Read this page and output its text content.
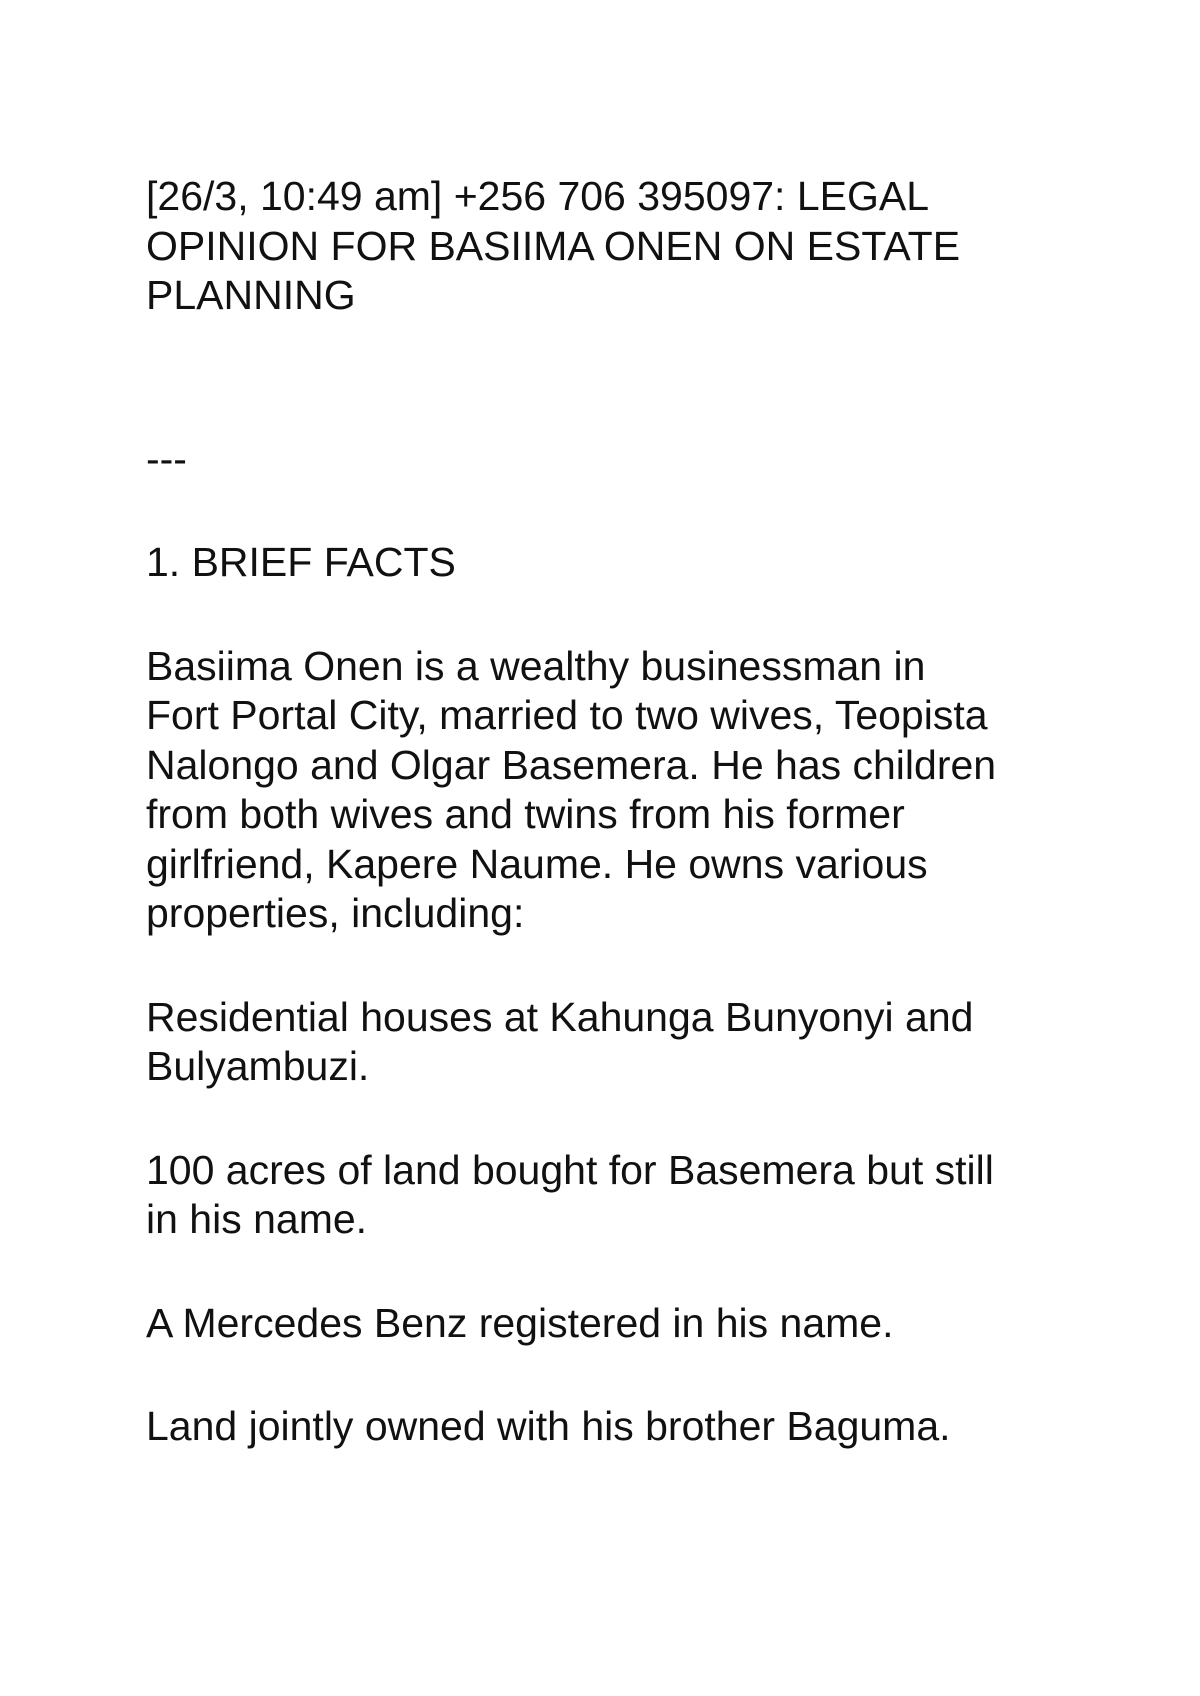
[26/3, 10:49 am] +256 706 395097: LEGAL
OPINION FOR BASIIMA ONEN ON ESTATE
PLANNING

---

1. BRIEF FACTS

Basiima Onen is a wealthy businessman in
Fort Portal City, married to two wives, Teopista
Nalongo and Olgar Basemera. He has children
from both wives and twins from his former
girlfriend, Kapere Naume. He owns various
properties, including:

Residential houses at Kahunga Bunyonyi and
Bulyambuzi.

100 acres of land bought for Basemera but still
in his name.

A Mercedes Benz registered in his name.

Land jointly owned with his brother Baguma.
